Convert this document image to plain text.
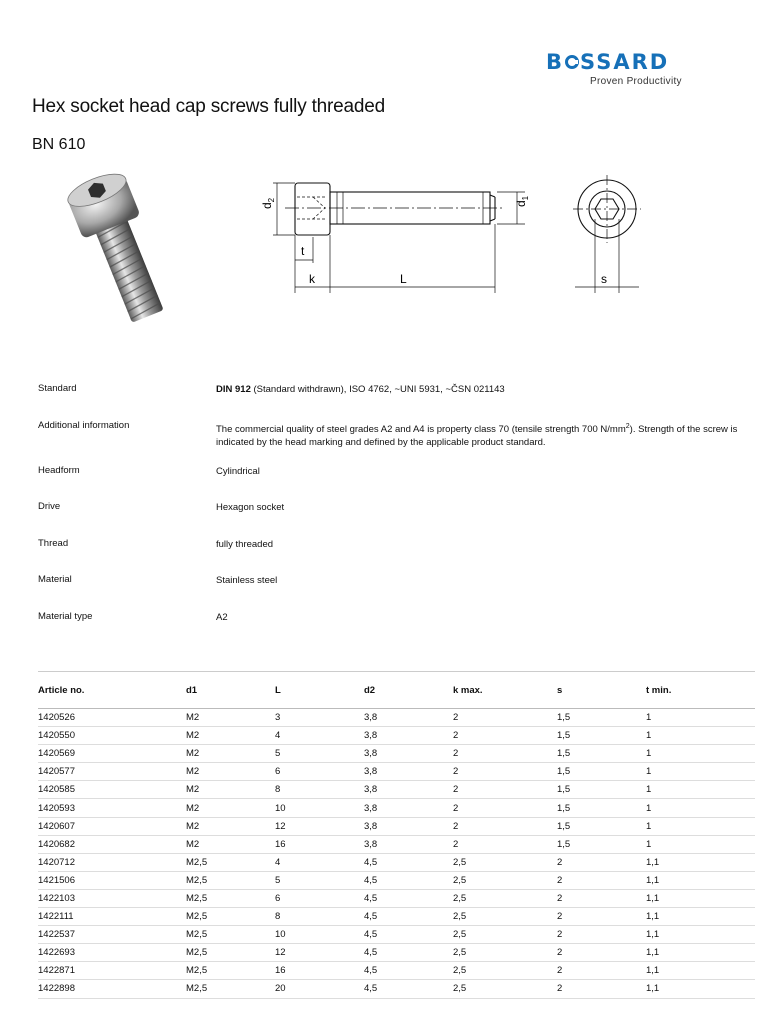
B SSARD
Proven Productivity
Hex socket head cap screws fully threaded
BN 610
$d_2$
$d_1$
t
k	L	s
Standard	DIN 912 (Standard withdrawn), ISO 4762, ~UNI 5931, ~ČSN 021143
Additional information	The commercial quality of steel grades A2 and A4 is property class 70 (tensile strength 700 $N/mm^2$). Strength of the screw is indicated by the head marking and defined by the applicable product standard.
Headform	Cylindrical
Drive	Hexagon socket
Thread	fully threaded
Material	Stainless steel
Material type	A2
Article no.	d1	L	d2	k max.	s	t min.
1420526	M2	3	3,8	2	1,5	1
1420550	M2	4	3,8	2	1,5	1
1420569	M2	5	3,8	2	1,5	1
1420577	M2	6	3,8	2	1,5	1
1420585	M2	8	3,8	2	1,5	1
1420593	M2	10	3,8	2	1,5	1
1420607	M2	12	3,8	2	1,5	1
1420682	M2	16	3,8	2	1,5	1
1420712	M2,5	4	4,5	2,5	2	1,1
1421506	M2,5	5	4,5	2,5	2	1,1
1422103	M2,5	6	4,5	2,5	2	1,1
1422111	M2,5	8	4,5	2,5	2	1,1
1422537	M2,5	10	4,5	2,5	2	1,1
1422693	M2,5	12	4,5	2,5	2	1,1
1422871	M2,5	16	4,5	2,5	2	1,1
1422898	M2,5	20	4,5	2,5	2	1,1
